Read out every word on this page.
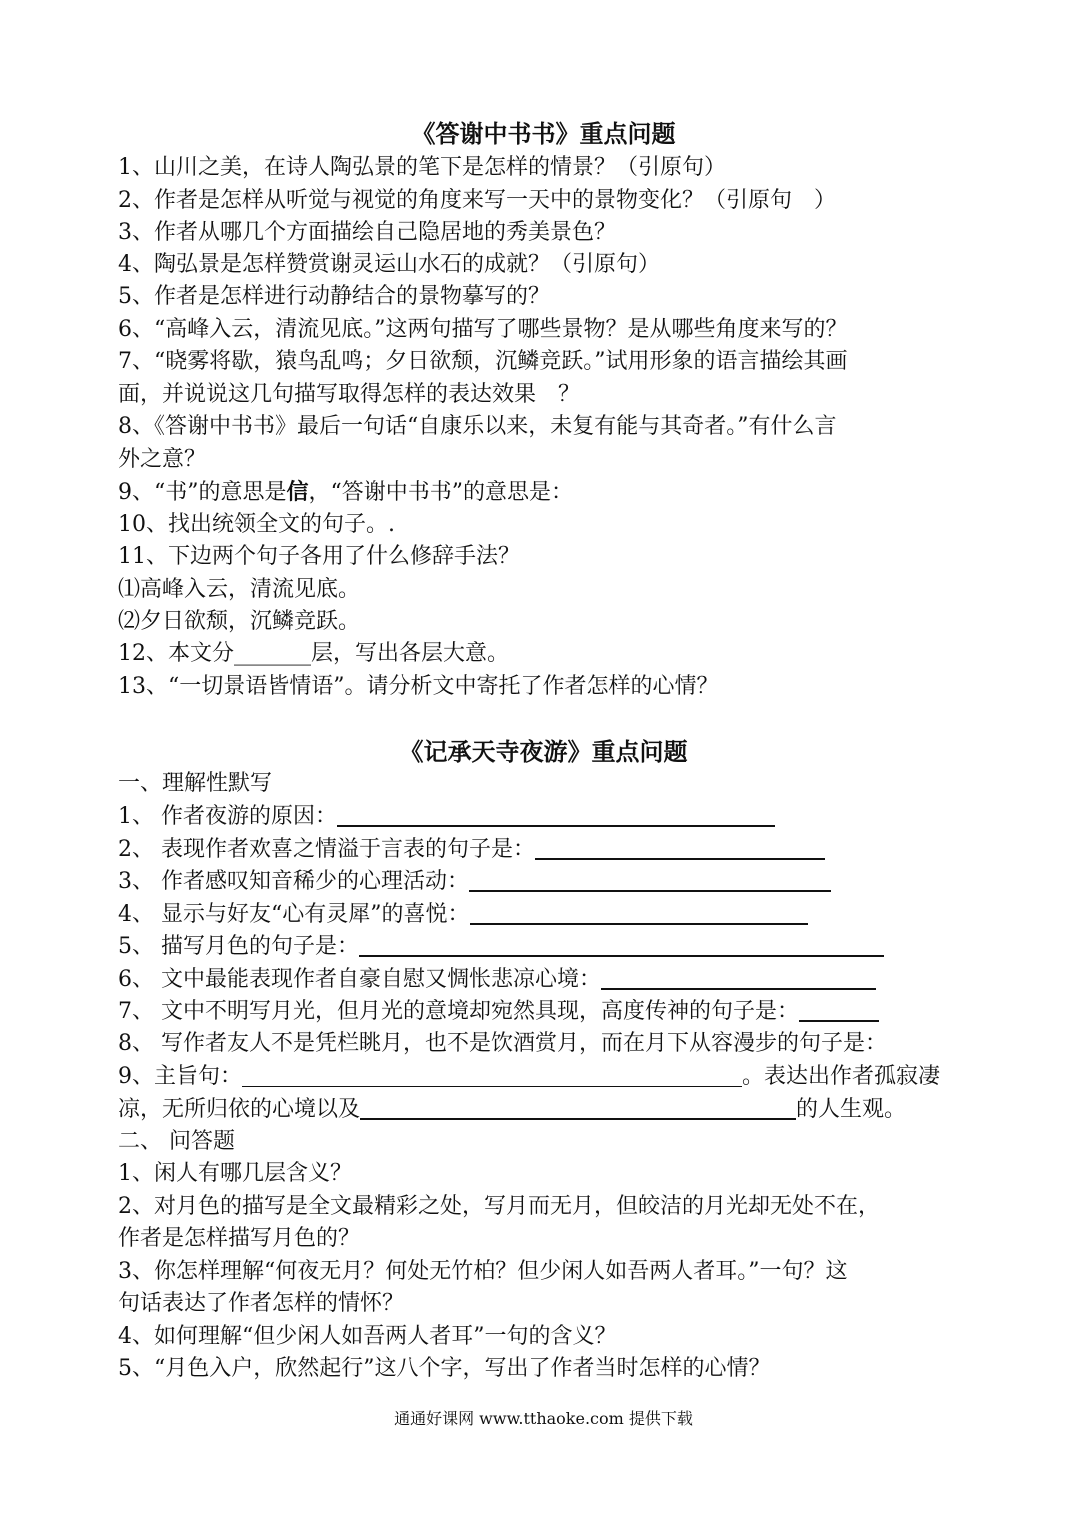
《答谢中书书》重点问题
1、山川之美，在诗人陶弘景的笔下是怎样的情景？（引原句）
2、作者是怎样从听觉与视觉的角度来写一天中的景物变化？（引原句　）
3、作者从哪几个方面描绘自己隐居地的秀美景色？
4、陶弘景是怎样赞赏谢灵运山水石的成就？（引原句）
5、作者是怎样进行动静结合的景物摹写的？
6、“高峰入云，清流见底。”这两句描写了哪些景物？是从哪些角度来写的？
7、“晓雾将歇，猿鸟乱鸣；夕日欲颓，沉鳞竞跃。”试用形象的语言描绘其画
面，并说说这几句描写取得怎样的表达效果　？
8、《答谢中书书》最后一句话“自康乐以来，未复有能与其奇者。”有什么言
外之意？
9、“书”的意思是信，“答谢中书书”的意思是：
10、找出统领全文的句子。.
11、下边两个句子各用了什么修辞手法？
⑴高峰入云，清流见底。
⑵夕日欲颓，沉鳞竞跃。
12、本文分_______层，写出各层大意。
13、“一切景语皆情语”。请分析文中寄托了作者怎样的心情？
《记承天寺夜游》重点问题
一、理解性默写
1、 作者夜游的原因：
2、 表现作者欢喜之情溢于言表的句子是：
3、 作者感叹知音稀少的心理活动：
4、 显示与好友“心有灵犀”的喜悦：
5、 描写月色的句子是：
6、 文中最能表现作者自豪自慰又惆怅悲凉心境：
7、 文中不明写月光，但月光的意境却宛然具现，高度传神的句子是：
8、 写作者友人不是凭栏眺月，也不是饮酒赏月，而在月下从容漫步的句子是：
9、主旨句：	。表达出作者孤寂凄
凉，无所归依的心境以及	的人生观。
二、 问答题
1、闲人有哪几层含义？
2、对月色的描写是全文最精彩之处，写月而无月，但皎洁的月光却无处不在，
作者是怎样描写月色的？
3、你怎样理解“何夜无月？何处无竹柏？但少闲人如吾两人者耳。”一句？这
句话表达了作者怎样的情怀？
4、如何理解“但少闲人如吾两人者耳”一句的含义？
5、“月色入户，欣然起行”这八个字，写出了作者当时怎样的心情？
通通好课网 www.tthaoke.com 提供下载
